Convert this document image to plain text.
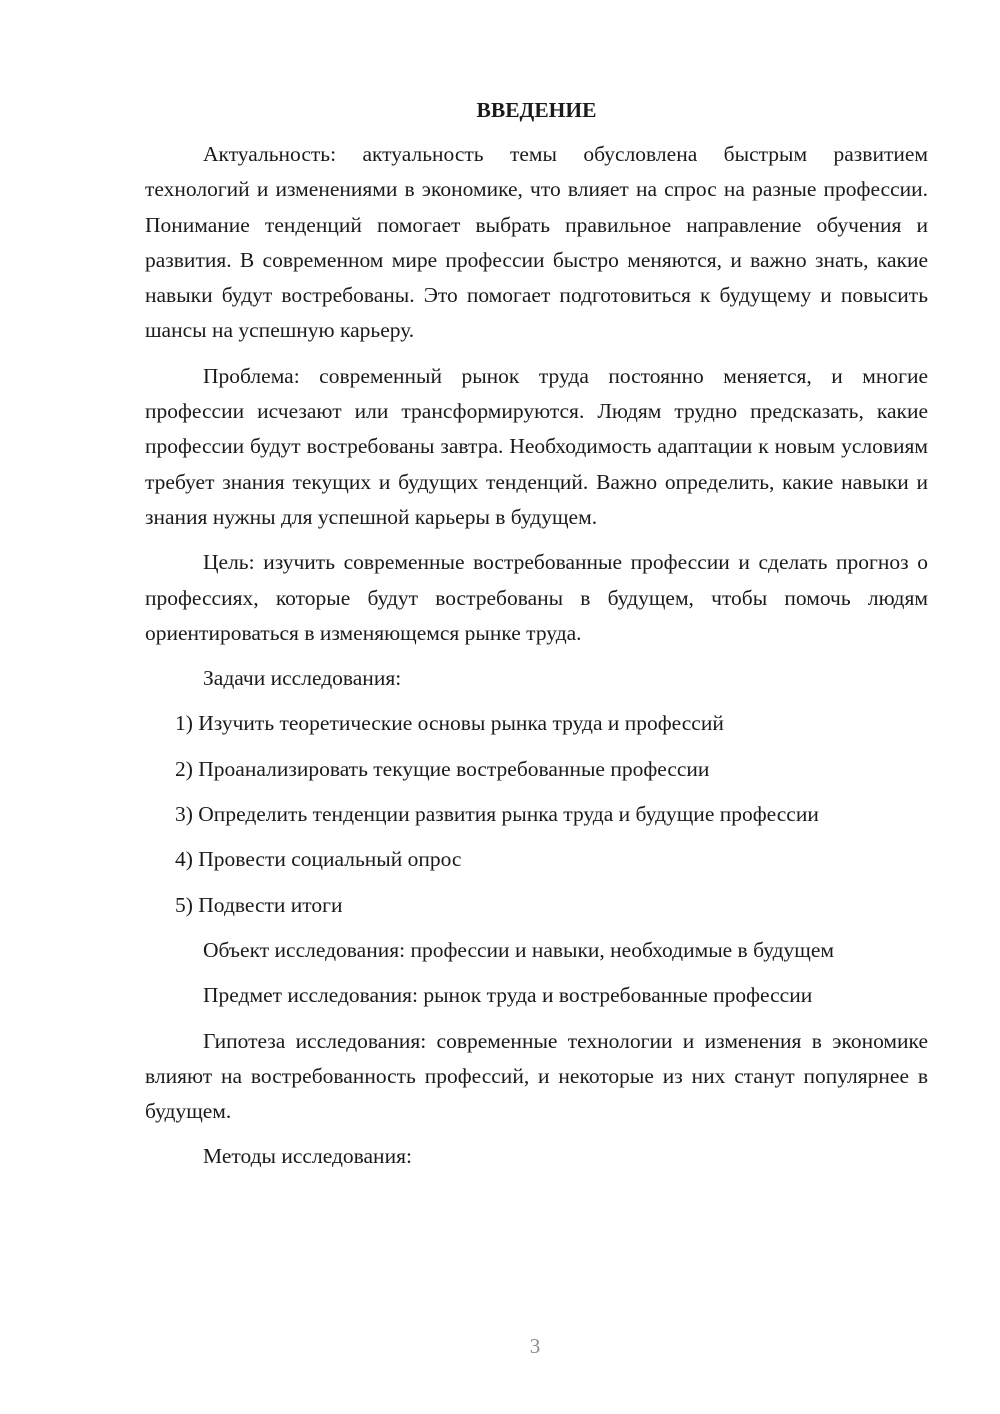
ВВЕДЕНИЕ

Актуальность: актуальность темы обусловлена быстрым развитием технологий и изменениями в экономике, что влияет на спрос на разные профессии. Понимание тенденций помогает выбрать правильное направление обучения и развития. В современном мире профессии быстро меняются, и важно знать, какие навыки будут востребованы. Это помогает подготовиться к будущему и повысить шансы на успешную карьеру.

Проблема: современный рынок труда постоянно меняется, и многие профессии исчезают или трансформируются. Людям трудно предсказать, какие профессии будут востребованы завтра. Необходимость адаптации к новым условиям требует знания текущих и будущих тенденций. Важно определить, какие навыки и знания нужны для успешной карьеры в будущем.

Цель: изучить современные востребованные профессии и сделать прогноз о профессиях, которые будут востребованы в будущем, чтобы помочь людям ориентироваться в изменяющемся рынке труда.

Задачи исследования:

1) Изучить теоретические основы рынка труда и профессий

2) Проанализировать текущие востребованные профессии

3) Определить тенденции развития рынка труда и будущие профессии

4) Провести социальный опрос

5) Подвести итоги

Объект исследования: профессии и навыки, необходимые в будущем

Предмет исследования: рынок труда и востребованные профессии

Гипотеза исследования: современные технологии и изменения в экономике влияют на востребованность профессий, и некоторые из них станут популярнее в будущем.

Методы исследования:

3
